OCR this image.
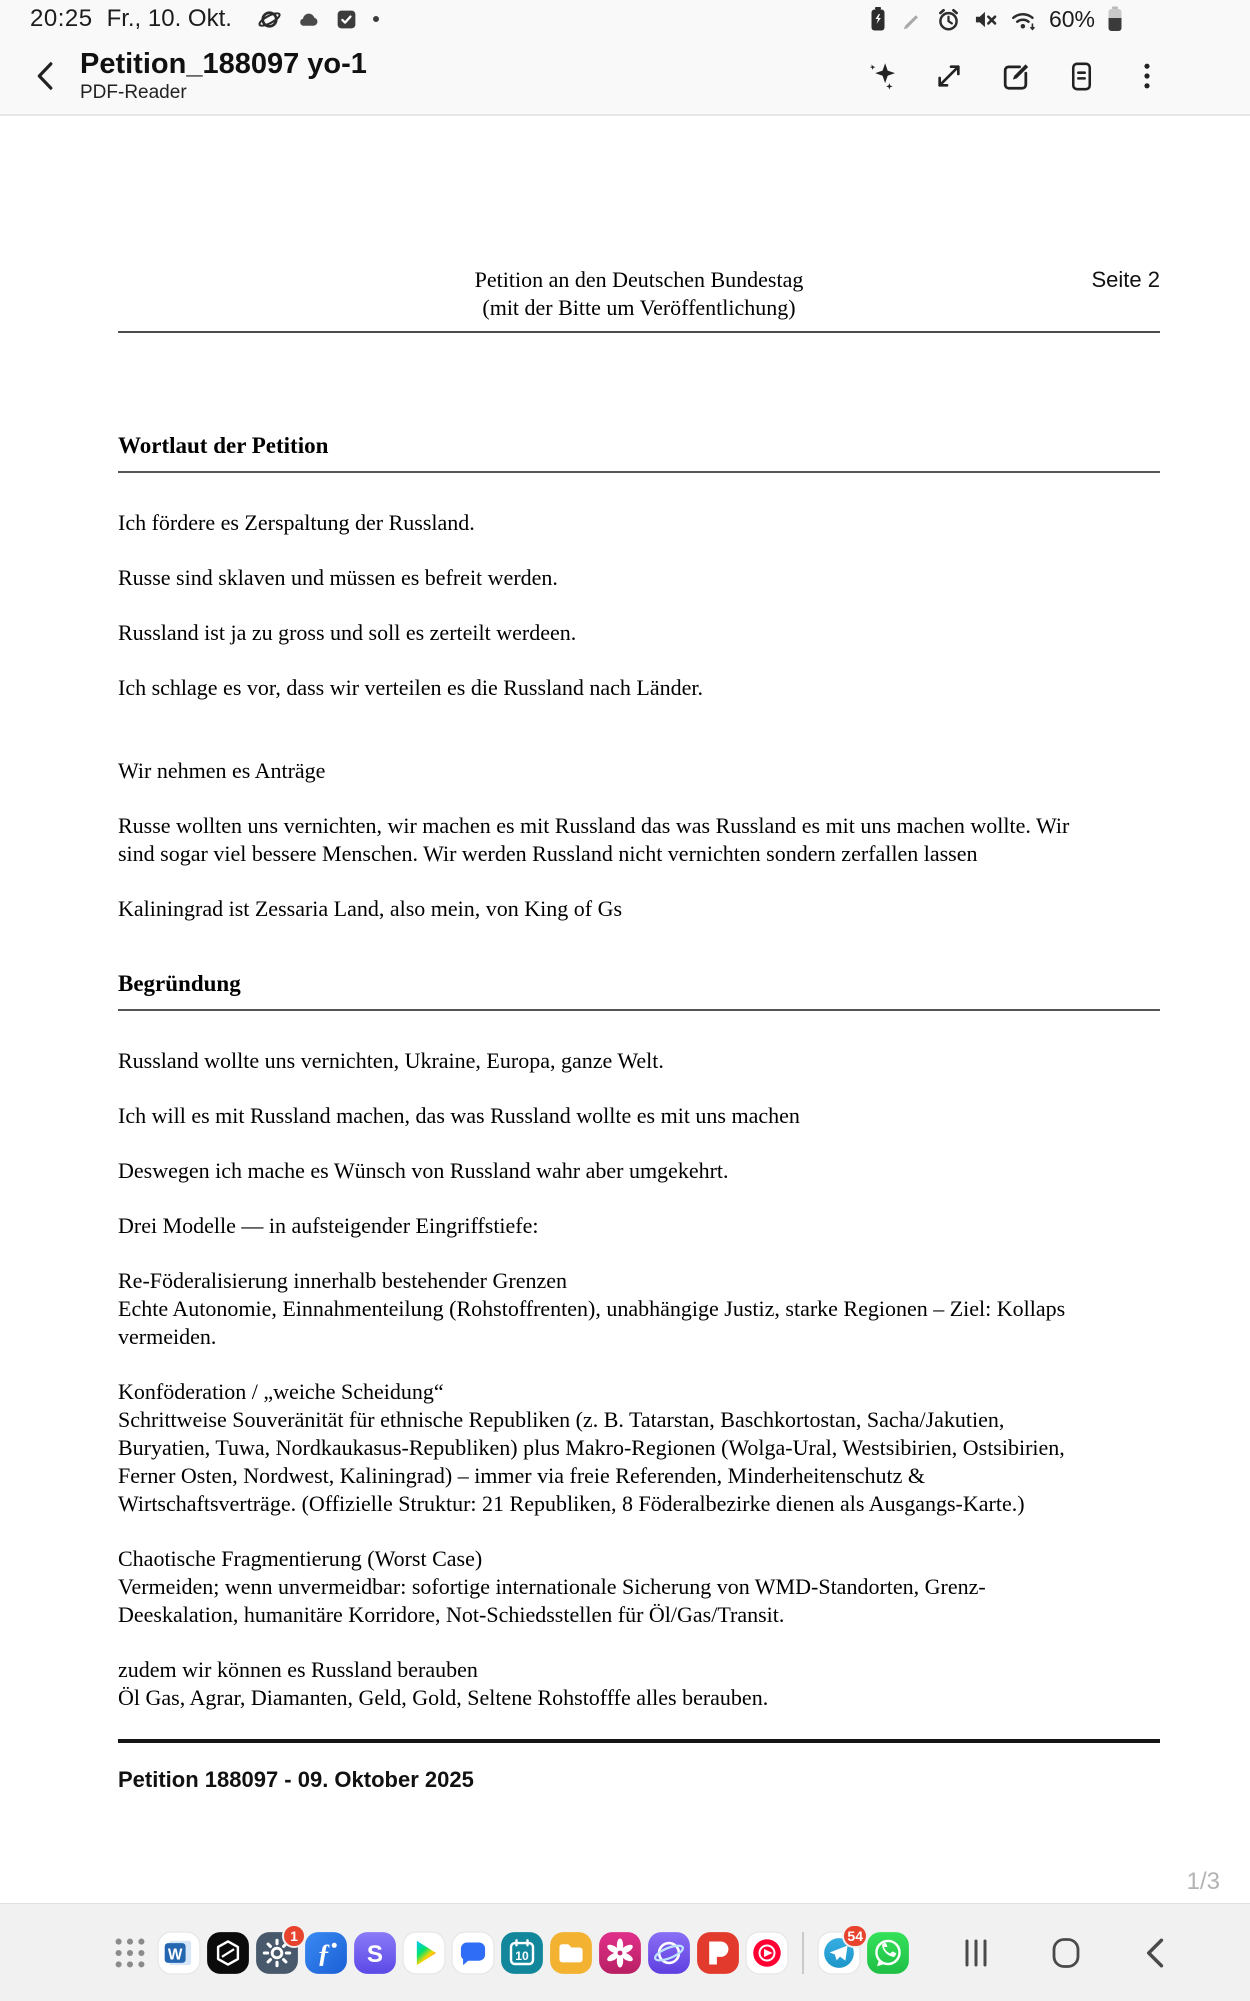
20:25 Fr., 10. Okt.	60%
Petition_188097 yo-1
PDF-Reader
Petition an den Deutschen Bundestag
(mit der Bitte um Veröffentlichung)
Seite 2
Wortlaut der Petition
Ich fördere es Zerspaltung der Russland.
Russe sind sklaven und müssen es befreit werden.
Russland ist ja zu gross und soll es zerteilt werdeen.
Ich schlage es vor, dass wir verteilen es die Russland nach Länder.
Wir nehmen es Anträge
Russe wollten uns vernichten, wir machen es mit Russland das was Russland es mit uns machen wollte. Wir
sind sogar viel bessere Menschen. Wir werden Russland nicht vernichten sondern zerfallen lassen
Kaliningrad ist Zessaria Land, also mein, von King of Gs
Begründung
Russland wollte uns vernichten, Ukraine, Europa, ganze Welt.
Ich will es mit Russland machen, das was Russland wollte es mit uns machen
Deswegen ich mache es Wünsch von Russland wahr aber umgekehrt.
Drei Modelle — in aufsteigender Eingriffstiefe:
Re-Föderalisierung innerhalb bestehender Grenzen
Echte Autonomie, Einnahmenteilung (Rohstoffrenten), unabhängige Justiz, starke Regionen – Ziel: Kollaps
vermeiden.
Konföderation / „weiche Scheidung“
Schrittweise Souveränität für ethnische Republiken (z. B. Tatarstan, Baschkortostan, Sacha/Jakutien,
Buryatien, Tuwa, Nordkaukasus-Republiken) plus Makro-Regionen (Wolga-Ural, Westsibirien, Ostsibirien,
Ferner Osten, Nordwest, Kaliningrad) – immer via freie Referenden, Minderheitenschutz &
Wirtschaftsverträge. (Offizielle Struktur: 21 Republiken, 8 Föderalbezirke dienen als Ausgangs-Karte.)
Chaotische Fragmentierung (Worst Case)
Vermeiden; wenn unvermeidbar: sofortige internationale Sicherung von WMD-Standorten, Grenz-
Deeskalation, humanitäre Korridore, Not-Schiedsstellen für Öl/Gas/Transit.
zudem wir können es Russland berauben
Öl Gas, Agrar, Diamanten, Geld, Gold, Seltene Rohstofffe alles berauben.
Petition 188097 - 09. Oktober 2025
1/3
W
1
ƒ S	10
54
